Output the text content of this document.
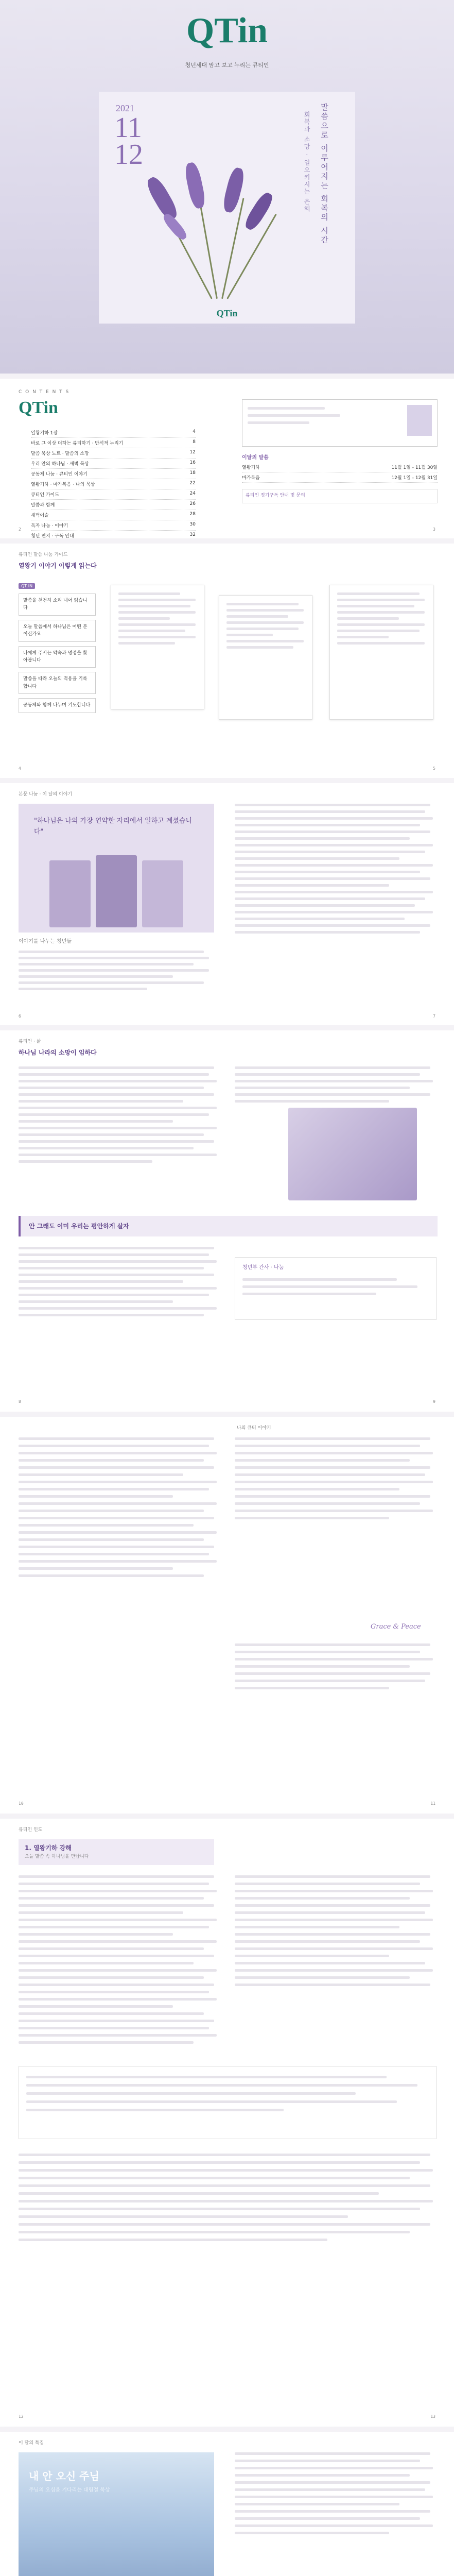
QTin
청년세대 맘고 보고 누리는 큐티인
2021
11
12	말씀으로 이루어지는 회복의 시간
회복과 소망 · 일으키시는 은혜
QTin
C O N T E N T S
QTin
열왕기하 1장	4
바로 그 이상 더하는 큐티하기 · 반석적 누리기	8
말씀 묵상 노트 · 말씀의 소망	12
우리 안의 하나님 · 새벽 묵상	16
공동체 나눔 · 큐티인 이야기	18
열왕기하 · 마가복음 · 나의 묵상	22
큐티인 가이드	24
말씀과 함께	26
새벽이슬	28
독자 나눔 · 이야기	30
청년 편지 · 구독 안내	32
이달의 말씀
열왕기하	11월 1일 - 11월 30일
마가복음	12월 1일 - 12월 31일
큐티인 정기구독 안내 및 문의
2	3
큐티인 말씀 나눔 가이드
열왕기 이야기 이렇게 읽는다
QT IN
말씀을 천천히 소리 내어 읽습니다
오늘 말씀에서 하나님은 어떤 분이신가요
나에게 주시는 약속과 명령을 찾아봅니다
말씀을 따라 오늘의 적용을 기록합니다
공동체와 함께 나누며 기도합니다
4	5
본문 나눔 · 이 달의 이야기
"하나님은 나의 가장 연약한 자리에서 일하고 계셨습니다"
이야기를 나누는 청년들
6	7
큐티인 · 삶
하나님 나라의 소망이 임하다
안 그래도 이미 우리는 평안하게 살자
청년부 간사 · 나눔
8	9
나의 큐티 이야기
Grace & Peace
10	11
큐티인 인도
1. 열왕기하 강해
오늘 말씀 속 하나님을 만납니다
12	13
이 달의 특집
내 안 오신 주님
주님의 오심을 기다리는 대림절 묵상
